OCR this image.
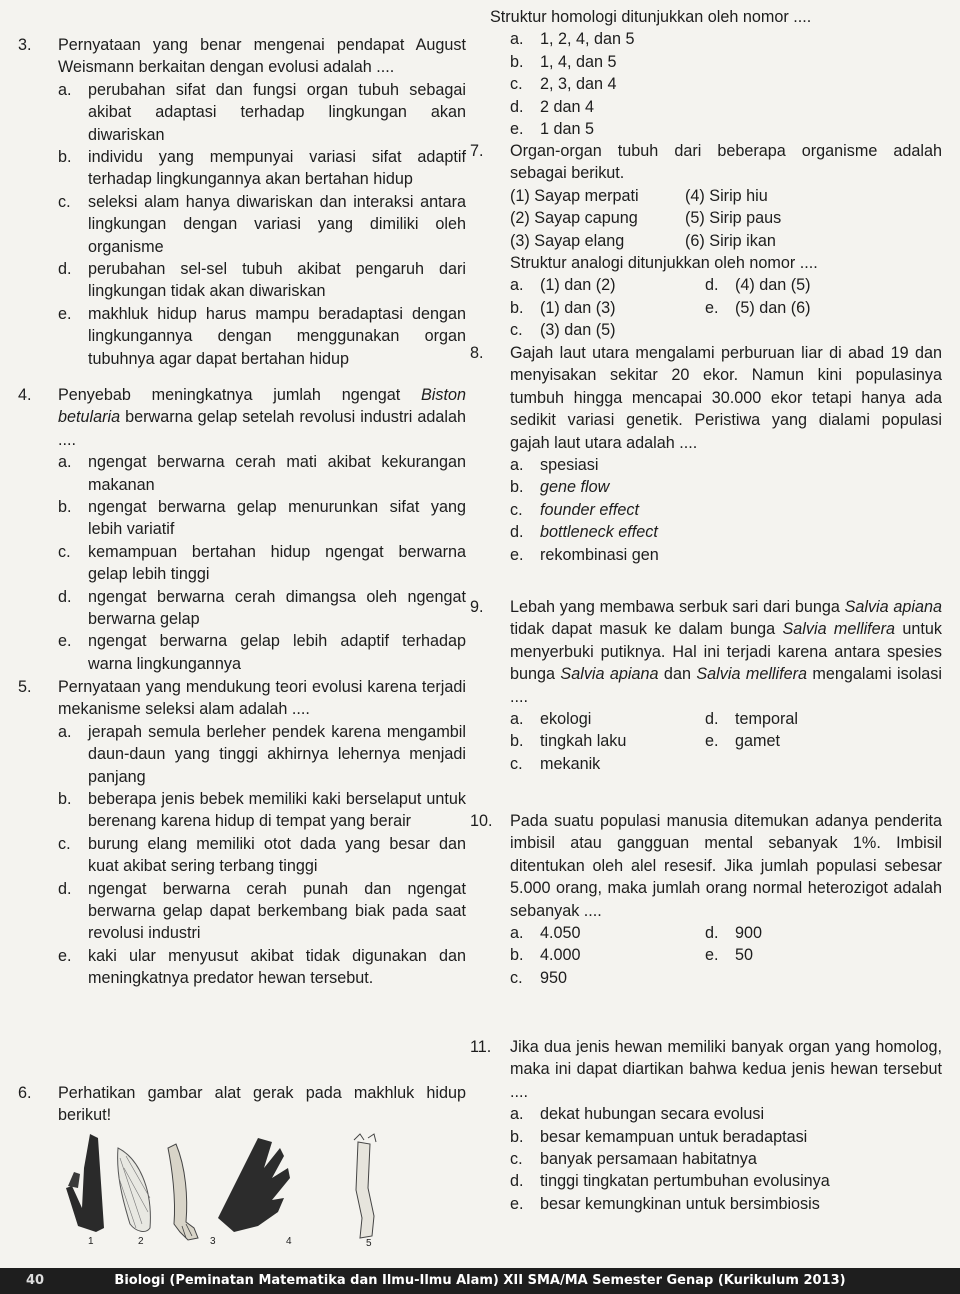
3. Pernyataan yang benar mengenai pendapat August Weismann berkaitan dengan evolusi adalah ....
a. perubahan sifat dan fungsi organ tubuh sebagai akibat adaptasi terhadap lingkungan akan diwariskan
b. individu yang mempunyai variasi sifat adaptif terhadap lingkungannya akan bertahan hidup
c. seleksi alam hanya diwariskan dan interaksi antara lingkungan dengan variasi yang dimiliki oleh organisme
d. perubahan sel-sel tubuh akibat pengaruh dari lingkungan tidak akan diwariskan
e. makhluk hidup harus mampu beradaptasi dengan lingkungannya dengan menggunakan organ tubuhnya agar dapat bertahan hidup
4. Penyebab meningkatnya jumlah ngengat Biston betularia berwarna gelap setelah revolusi industri adalah ....
a. ngengat berwarna cerah mati akibat kekurangan makanan
b. ngengat berwarna gelap menurunkan sifat yang lebih variatif
c. kemampuan bertahan hidup ngengat berwarna gelap lebih tinggi
d. ngengat berwarna cerah dimangsa oleh ngengat berwarna gelap
e. ngengat berwarna gelap lebih adaptif terhadap warna lingkungannya
5. Pernyataan yang mendukung teori evolusi karena terjadi mekanisme seleksi alam adalah ....
a. jerapah semula berleher pendek karena mengambil daun-daun yang tinggi akhirnya lehernya menjadi panjang
b. beberapa jenis bebek memiliki kaki berselaput untuk berenang karena hidup di tempat yang berair
c. burung elang memiliki otot dada yang besar dan kuat akibat sering terbang tinggi
d. ngengat berwarna cerah punah dan ngengat berwarna gelap dapat berkembang biak pada saat revolusi industri
e. kaki ular menyusut akibat tidak digunakan dan meningkatnya predator hewan tersebut.
6. Perhatikan gambar alat gerak pada makhluk hidup berikut!
1	2	3	4	5
Struktur homologi ditunjukkan oleh nomor ....
a. 1, 2, 4, dan 5
b. 1, 4, dan 5
c. 2, 3, dan 4
d. 2 dan 4
e. 1 dan 5
7. Organ-organ tubuh dari beberapa organisme adalah sebagai berikut.
(1) Sayap merpati	(4) Sirip hiu
(2) Sayap capung	(5) Sirip paus
(3) Sayap elang	(6) Sirip ikan
Struktur analogi ditunjukkan oleh nomor ....
a. (1) dan (2)	d. (4) dan (5)
b. (1) dan (3)	e. (5) dan (6)
c. (3) dan (5)
8. Gajah laut utara mengalami perburuan liar di abad 19 dan menyisakan sekitar 20 ekor. Namun kini populasinya tumbuh hingga mencapai 30.000 ekor tetapi hanya ada sedikit variasi genetik. Peristiwa yang dialami populasi gajah laut utara adalah ....
a. spesiasi
b. gene flow
c. founder effect
d. bottleneck effect
e. rekombinasi gen
9. Lebah yang membawa serbuk sari dari bunga Salvia apiana tidak dapat masuk ke dalam bunga Salvia mellifera untuk menyerbuki putiknya. Hal ini terjadi karena antara spesies bunga Salvia apiana dan Salvia mellifera mengalami isolasi ....
a. ekologi	d. temporal
b. tingkah laku	e. gamet
c. mekanik
10. Pada suatu populasi manusia ditemukan adanya penderita imbisil atau gangguan mental sebanyak 1%. Imbisil ditentukan oleh alel resesif. Jika jumlah populasi sebesar 5.000 orang, maka jumlah orang normal heterozigot adalah sebanyak ....
a. 4.050	d. 900
b. 4.000	e. 50
c. 950
11. Jika dua jenis hewan memiliki banyak organ yang homolog, maka ini dapat diartikan bahwa kedua jenis hewan tersebut ....
a. dekat hubungan secara evolusi
b. besar kemampuan untuk beradaptasi
c. banyak persamaan habitatnya
d. tinggi tingkatan pertumbuhan evolusinya
e. besar kemungkinan untuk bersimbiosis
40	Biologi (Peminatan Matematika dan Ilmu-Ilmu Alam) XII SMA/MA Semester Genap (Kurikulum 2013)
